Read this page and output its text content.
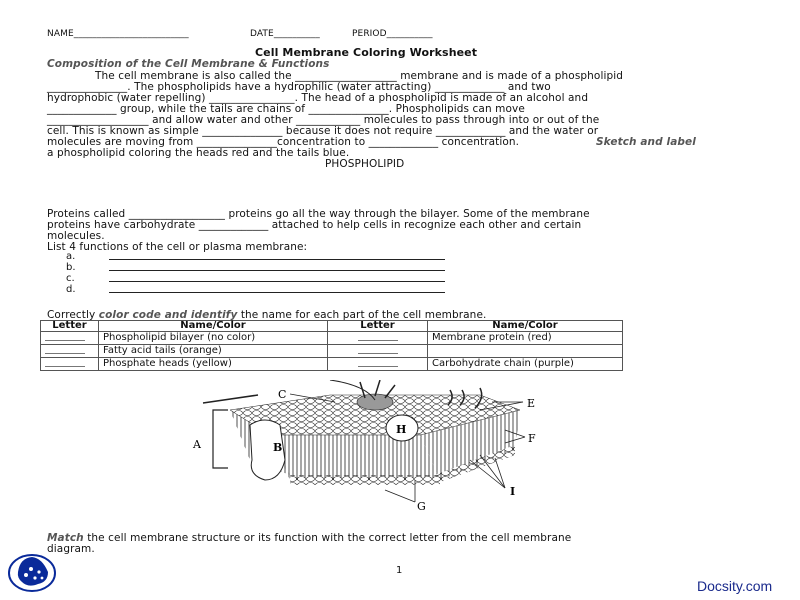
NAME_________________________	DATE__________	PERIOD__________
Cell Membrane Coloring Worksheet
Composition of the Cell Membrane & Functions
The cell membrane is also called the ___________________ membrane and is made of a phospholipid
_______________. The phospholipids have a hydrophilic (water attracting) _____________ and two
hydrophobic (water repelling) ________________. The head of a phospholipid is made of an alcohol and
_____________ group, while the tails are chains of _______________. Phospholipids can move
___________________ and allow water and other ____________ molecules to pass through into or out of the
cell. This is known as simple _______________ because it does not require _____________ and the water or
molecules are moving from _______________concentration to _____________ concentration.	Sketch and label
a phospholipid coloring the heads red and the tails blue.
PHOSPHOLIPID
Proteins called __________________ proteins go all the way through the bilayer. Some of the membrane
proteins have carbohydrate _____________ attached to help cells in recognize each other and certain
molecules.
List 4 functions of the cell or plasma membrane:
a.
b.
c.
d.
Correctly color code and identify the name for each part of the cell membrane.
Letter	Name/Color	Letter	Name/Color
	Phospholipid bilayer (no color)		Membrane protein (red)
	Fatty acid tails (orange)		
	Phosphate heads (yellow)		Carbohydrate chain (purple)
A	B
C
E
F
G
H
I
Match the cell membrane structure or its function with the correct letter from the cell membrane
diagram.
1
Docsity.com
